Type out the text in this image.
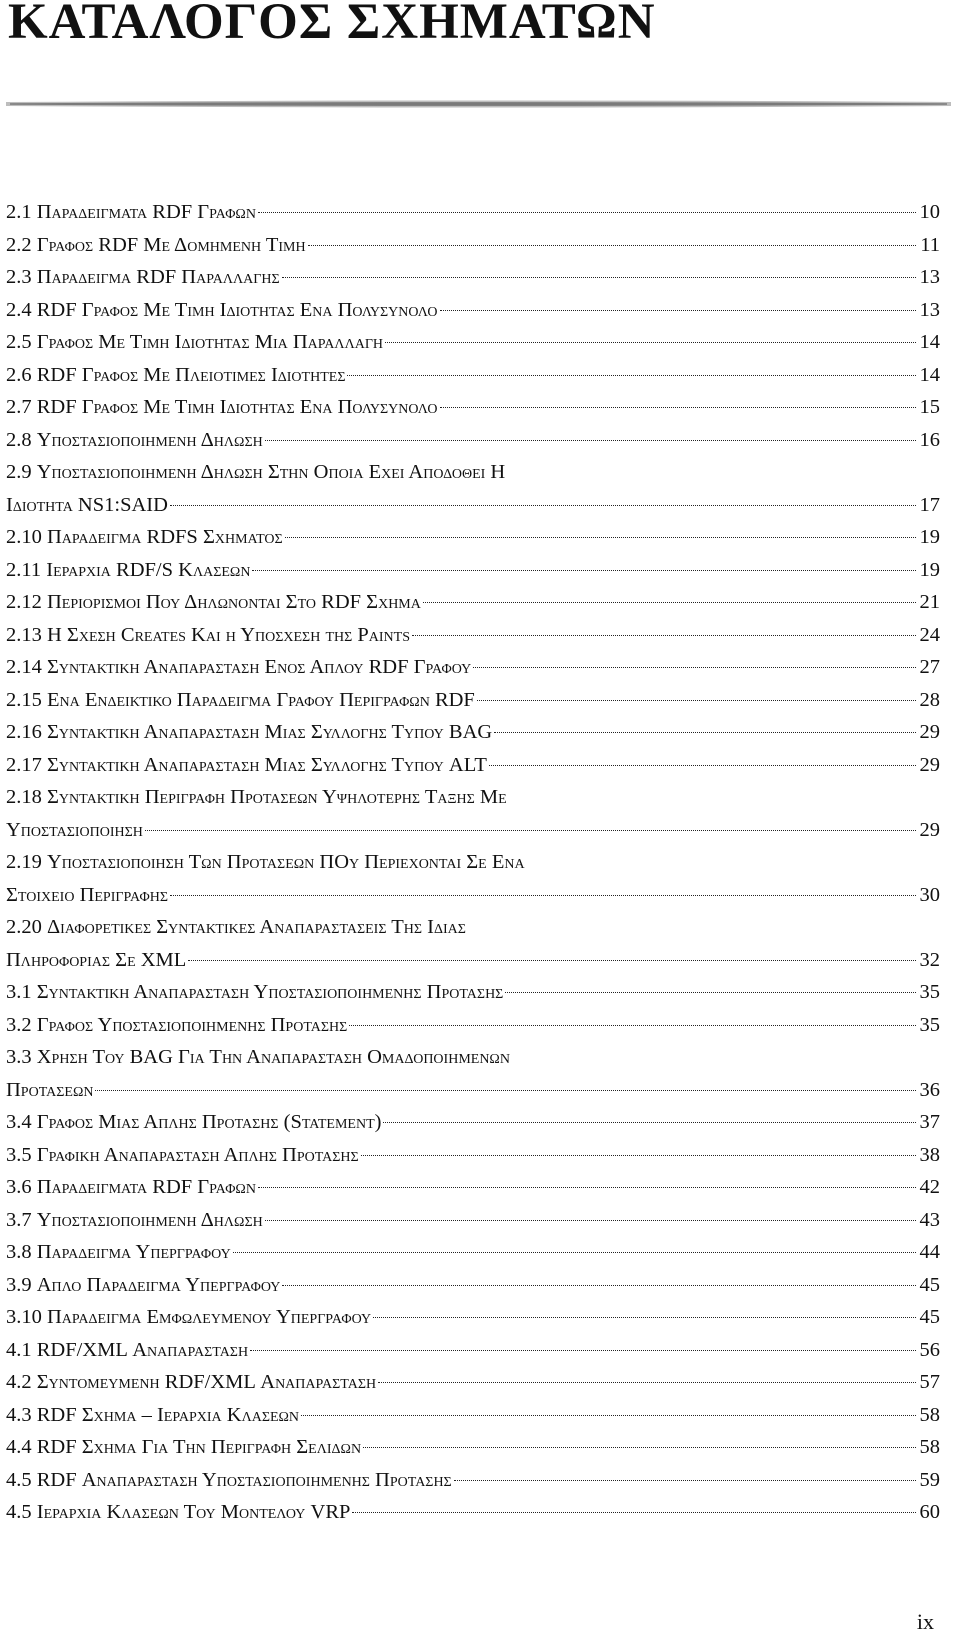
ΚΑΤΑΛΟΓΟΣ ΣΧΗΜΑΤΩΝ
2.1 Παραδειγματα RDF Γραφων	10
2.2 Γραφος RDF Με Δομημενη Τιμη	11
2.3 Παραδειγμα RDF Παραλλαγης	13
2.4 RDF Γραφος Με Τιμη Ιδιοτητας Ενα Πολυσυνολο	13
2.5 Γραφος Με Τιμη Ιδιοτητας Μια Παραλλαγη	14
2.6 RDF Γραφος Με Πλειοτιμες Ιδιοτητες	14
2.7 RDF Γραφος Με Τιμη Ιδιοτητας Ενα Πολυσυνολο	15
2.8 Υποστασιοποιημενη Δηλωση	16
2.9 Υποστασιοποιημενη Δηλωση Στην Οποια Εχει Αποδοθει Η
Ιδιοτητα NS1:SAID	17
2.10 Παραδειγμα RDFS Σχηματος	19
2.11 Ιεραρχια RDF/S Κλασεων	19
2.12 Περιορισμοι Που Δηλωνονται Στο RDF Σχημα	21
2.13 Η Σχεση Creates Και η Υποσχεση της Paints	24
2.14 Συντακτικη Αναπαρασταση Ενος Απλου RDF Γραφου	27
2.15 Ενα Ενδεικτικο Παραδειγμα Γραφου Περιγραφων RDF	28
2.16 Συντακτικη Αναπαρασταση Μιας Συλλογης Τυπου BAG	29
2.17 Συντακτικη Αναπαρασταση Μιας Συλλογης Τυπου ALT	29
2.18 Συντακτικη Περιγραφη Προτασεων Υψηλοτερης Ταξης Με
Υποστασιοποιηση	29
2.19 Υποστασιοποιηση Των Προτασεων ΠΟυ Περιεχονται Σε Ενα
Στοιχειο Περιγραφης	30
2.20 Διαφορετικες Συντακτικες Αναπαραστασεις Της Ιδιας
Πληροφοριας Σε XML	32
3.1 Συντακτικη Αναπαρασταση Υποστασιοποιημενης Προτασης	35
3.2 Γραφος Υποστασιοποιημενης Προτασης	35
3.3 Χρηση Του BAG Για Την Αναπαρασταση Ομαδοποιημενων
Προτασεων	36
3.4 Γραφος Μιας Απλης Προτασης (Statement)	37
3.5 Γραφικη Αναπαρασταση Απλης Προτασης	38
3.6 Παραδειγματα RDF Γραφων	42
3.7 Υποστασιοποιημενη Δηλωση	43
3.8 Παραδειγμα Υπεργραφου	44
3.9 Απλο Παραδειγμα Υπεργραφου	45
3.10 Παραδειγμα Εμφωλευμενου Υπεργραφου	45
4.1 RDF/XML Αναπαρασταση	56
4.2 Συντομευμενη RDF/XML Αναπαρασταση	57
4.3 RDF Σχημα – Ιεραρχια Κλασεων	58
4.4 RDF Σχημα Για Την Περιγραφη Σελιδων	58
4.5 RDF Αναπαρασταση Υποστασιοποιημενης Προτασης	59
4.5 Ιεραρχια Κλασεων Του Μοντελου VRP	60
ix
